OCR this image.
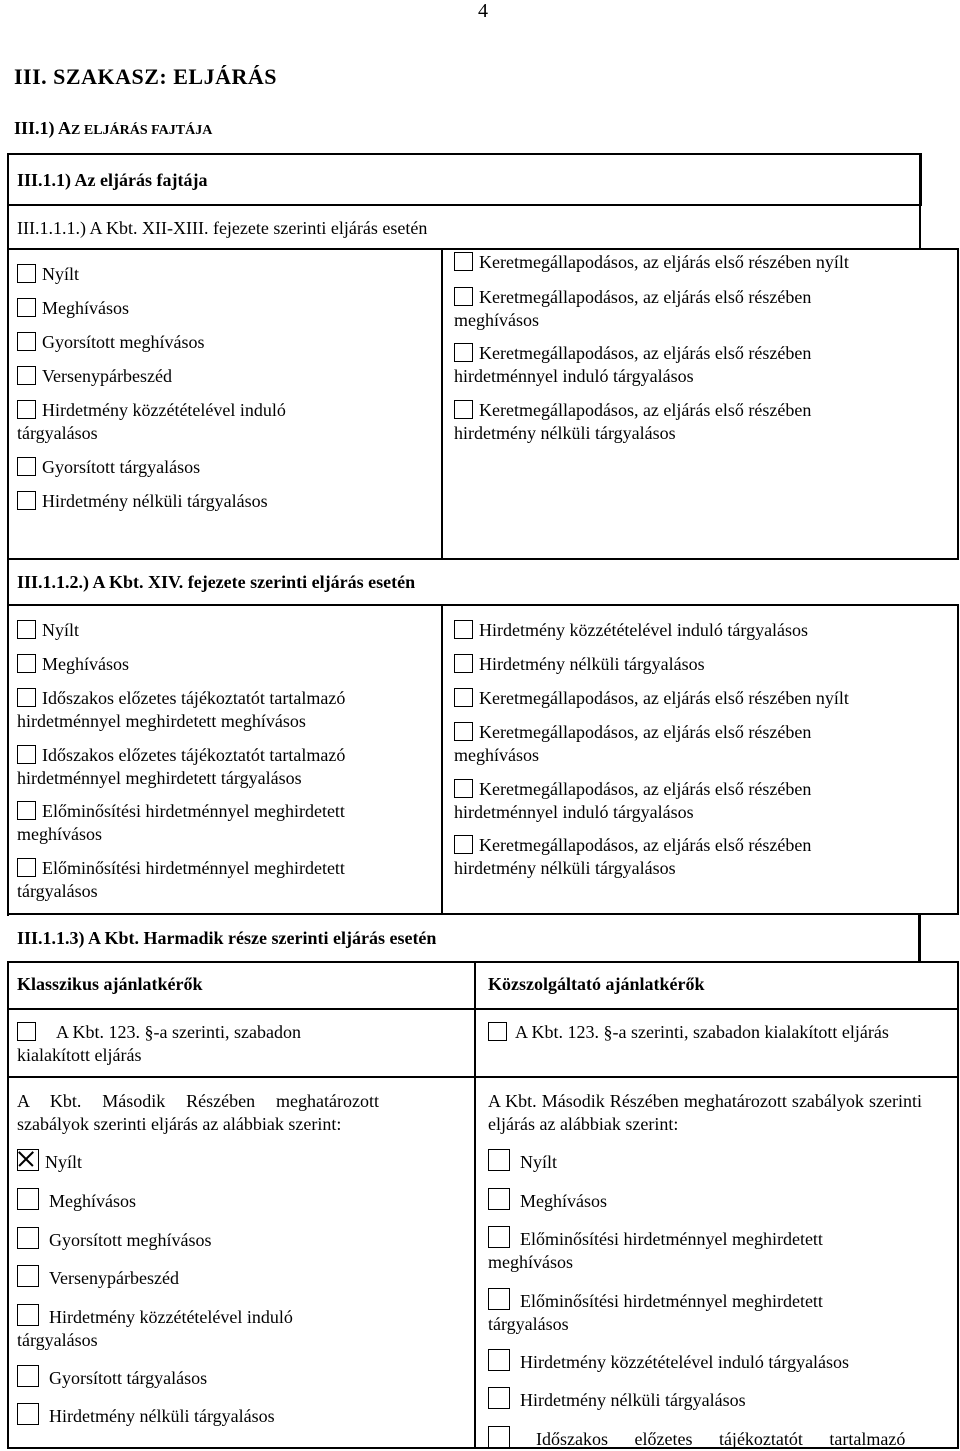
4
III. SZAKASZ: ELJÁRÁS
III.1) AZ ELJÁRÁS FAJTÁJA
III.1.1) Az eljárás fajtája
III.1.1.1.) A Kbt. XII-XIII. fejezete szerinti eljárás esetén
Nyílt
Meghívásos
Gyorsított meghívásos
Versenypárbeszéd
Hirdetmény közzétételével induló
tárgyalásos
Gyorsított tárgyalásos
Hirdetmény nélküli tárgyalásos
Keretmegállapodásos, az eljárás első részében nyílt
Keretmegállapodásos, az eljárás első részében
meghívásos
Keretmegállapodásos, az eljárás első részében
hirdetménnyel induló tárgyalásos
Keretmegállapodásos, az eljárás első részében
hirdetmény nélküli tárgyalásos
III.1.1.2.) A Kbt. XIV. fejezete szerinti eljárás esetén
Nyílt
Meghívásos
Időszakos előzetes tájékoztatót tartalmazó
hirdetménnyel meghirdetett meghívásos
Időszakos előzetes tájékoztatót tartalmazó
hirdetménnyel meghirdetett tárgyalásos
Előminősítési hirdetménnyel meghirdetett
meghívásos
Előminősítési hirdetménnyel meghirdetett
tárgyalásos
Hirdetmény közzétételével induló tárgyalásos
Hirdetmény nélküli tárgyalásos
Keretmegállapodásos, az eljárás első részében nyílt
Keretmegállapodásos, az eljárás első részében
meghívásos
Keretmegállapodásos, az eljárás első részében
hirdetménnyel induló tárgyalásos
Keretmegállapodásos, az eljárás első részében
hirdetmény nélküli tárgyalásos
III.1.1.3) A Kbt. Harmadik része szerinti eljárás esetén
Klasszikus ajánlatkérők	Közszolgáltató ajánlatkérők
A Kbt. 123. §-a szerinti, szabadon
kialakított eljárás
A Kbt. 123. §-a szerinti, szabadon kialakított eljárás
A Kbt. Második Részében meghatározott szabályok szerinti eljárás az alábbiak szerint:
A Kbt. Második Részében meghatározott szabályok szerinti eljárás az alábbiak szerint:
Nyílt
Meghívásos
Gyorsított meghívásos
Versenypárbeszéd
Hirdetmény közzétételével induló
tárgyalásos
Gyorsított tárgyalásos
Hirdetmény nélküli tárgyalásos
Nyílt
Meghívásos
Előminősítési hirdetménnyel meghirdetett
meghívásos
Előminősítési hirdetménnyel meghirdetett
tárgyalásos
Hirdetmény közzétételével induló tárgyalásos
Hirdetmény nélküli tárgyalásos
Időszakos előzetes tájékoztatót tartalmazó
